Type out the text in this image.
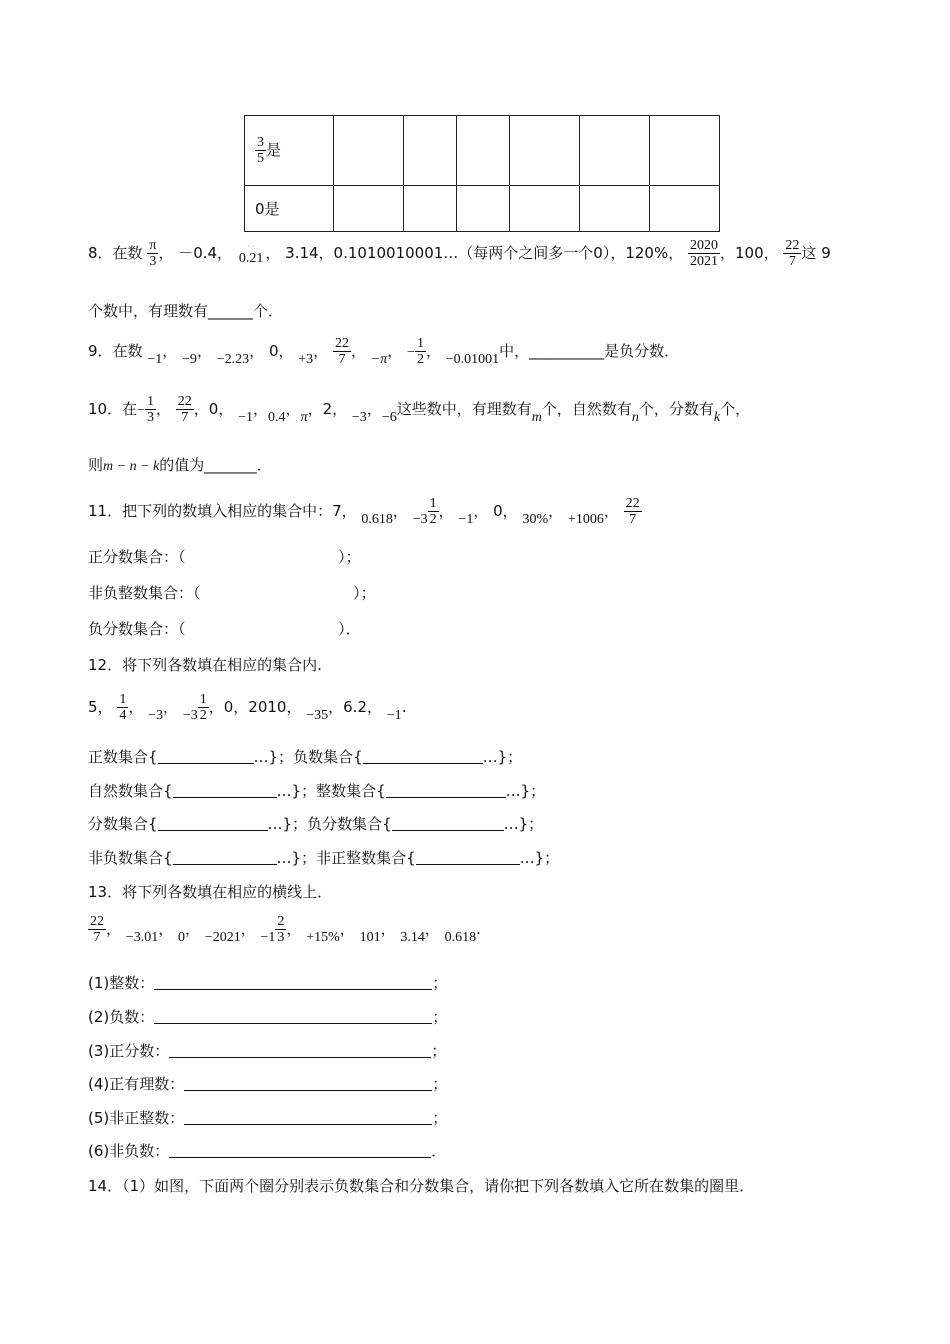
$\frac{3}{5}$ 是						
0是						
8．在数 $\frac{\pi}{3}$ ， －0.4，	· ·
0.21 ， 3.14，0.1010010001…（每两个之间多一个0），120%， $\frac{2020}{2021}$ ，100， $\frac{22}{7}$ 这 9
个数中，有理数有______个．
9．在数 −1， −9， −2.23， 0， +3， $\frac{22}{7}$ ， −π， − $\frac{1}{2}$ ， −0.01001中，__________是负分数．
10．在− $\frac{1}{3}$ ， $\frac{22}{7}$ ，0， −1，0.4，π，2， −3，−6这些数中，有理数有m个，自然数有n个，分数有k个，
则m − n − k的值为_______．
11．把下列的数填入相应的集合中：7， 0.618， $-3 \frac{1}{2}$ ， −1， 0， 30%， +1006， $\frac{22}{7}$
正分数集合：（                                ）；
非负整数集合：（                                ）；
负分数集合：（                                ）．
12．将下列各数填在相应的集合内.
5， $\frac{1}{4}$ ， −3， $-3 \frac{1}{2}$ ，0，2010， −35，6.2， −1.
正数集合{	…}；负数集合{	…}；
自然数集合{	…}；整数集合{	…}；
分数集合{	…}；负分数集合{	…}；
非负数集合{	…}；非正整数集合{	…}；
13．将下列各数填在相应的横线上．
$\frac{22}{7}$ ， −3.01， 0， −2021， $-1 \frac{2}{3}$ ， +15%， 101， 3.14， 0.618.
(1)整数：	；
(2)负数：	；
(3)正分数：	；
(4)正有理数：	；
(5)非正整数：	；
(6)非负数：	．
14．（1）如图，下面两个圈分别表示负数集合和分数集合，请你把下列各数填入它所在数集的圈里．
